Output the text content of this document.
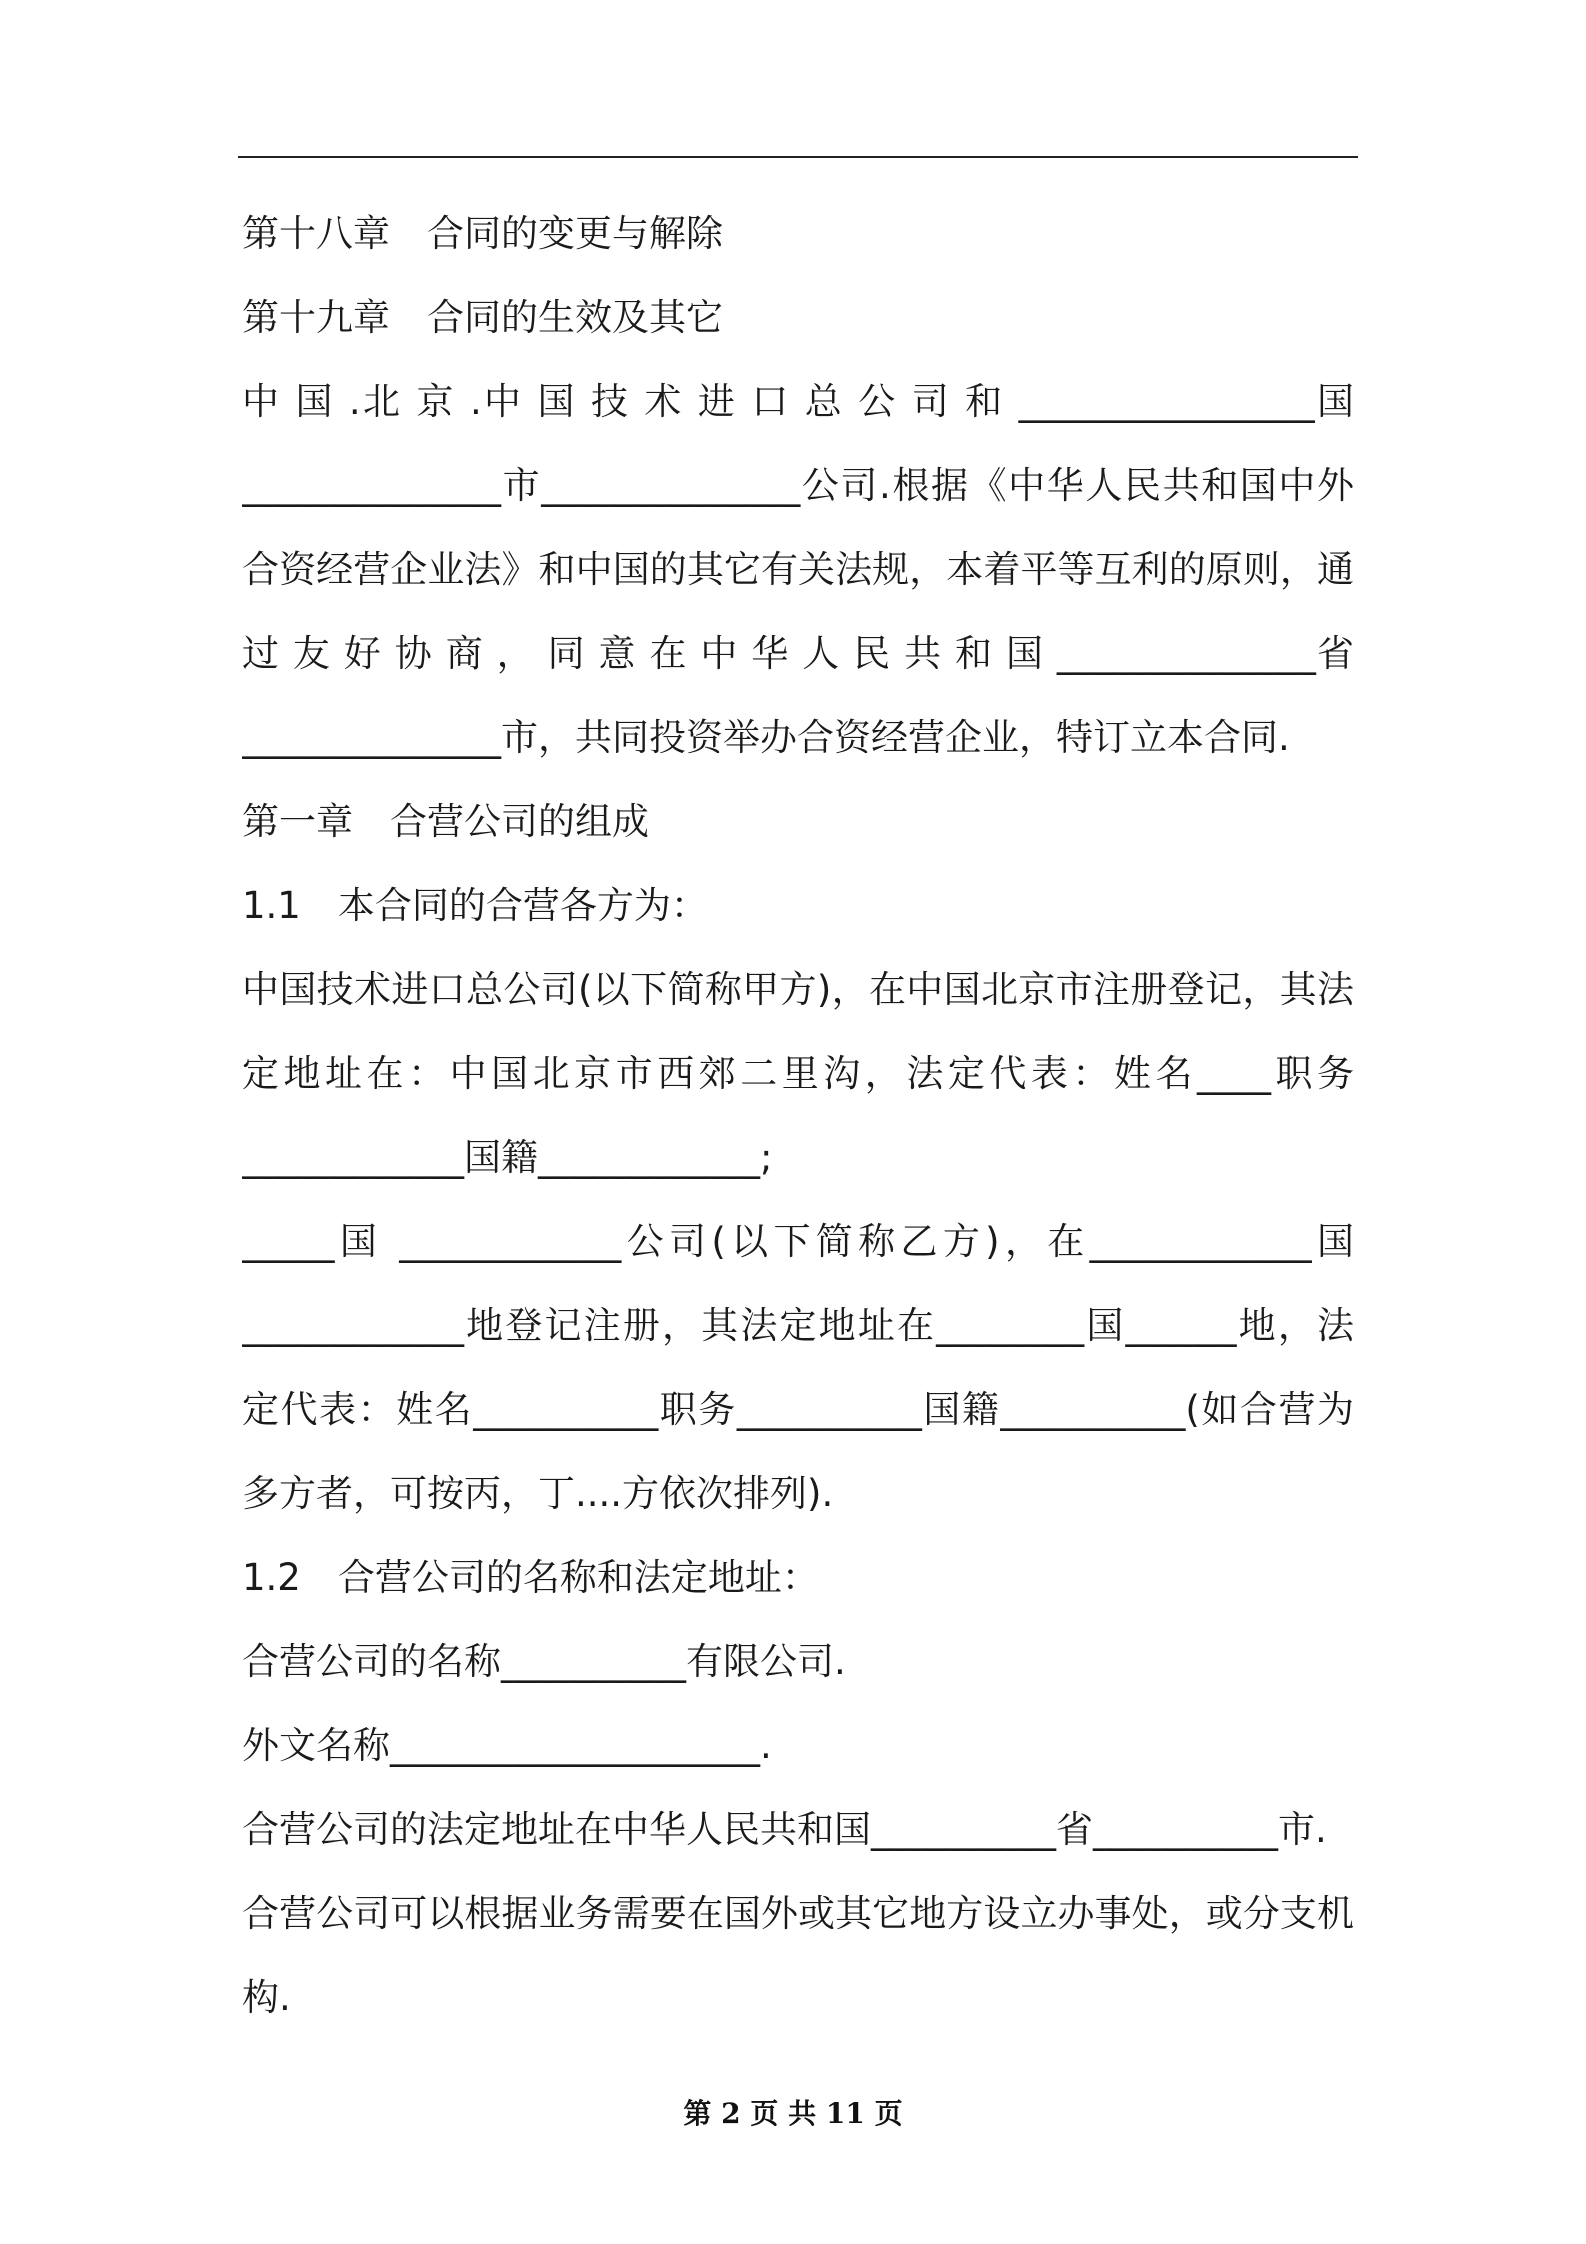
第十八章　合同的变更与解除
第十九章　合同的生效及其它
中 国 .北 京 .中 国 技 术 进 口 总 公 司 和 ________________国
______________市______________公司.根据《中华人民共和国中外
合资经营企业法》和中国的其它有关法规，本着平等互利的原则，通
过 友 好 协 商 ， 同 意 在 中 华 人 民 共 和 国 ______________省
______________市，共同投资举办合资经营企业，特订立本合同.
第一章　合营公司的组成
1.1　本合同的合营各方为：
中国技术进口总公司(以下简称甲方)，在中国北京市注册登记，其法
定地址在：中国北京市西郊二里沟，法定代表：姓名____职务
____________国籍____________;
_____国 ____________公司(以下简称乙方)，在____________国
____________地登记注册，其法定地址在________国______地，法
定代表：姓名__________职务__________国籍__________(如合营为
多方者，可按丙，丁....方依次排列).
1.2　合营公司的名称和法定地址：
合营公司的名称__________有限公司.
外文名称____________________.
合营公司的法定地址在中华人民共和国__________省__________市.
合营公司可以根据业务需要在国外或其它地方设立办事处，或分支机
构.
第 2 页 共 11 页
